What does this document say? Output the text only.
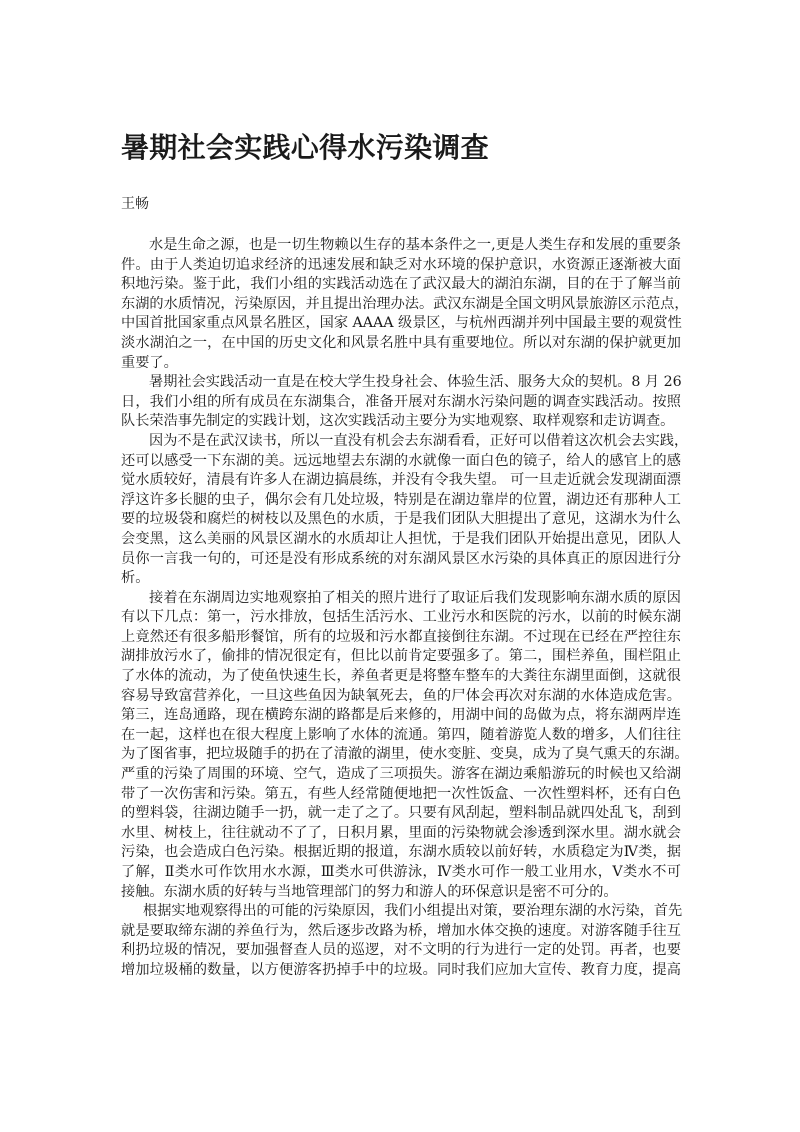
暑期社会实践心得水污染调查
王畅

水是生命之源，也是一切生物赖以生存的基本条件之一,更是人类生存和发展的重要条
件。由于人类迫切追求经济的迅速发展和缺乏对水环境的保护意识，水资源正逐渐被大面
积地污染。鉴于此，我们小组的实践活动选在了武汉最大的湖泊东湖，目的在于了解当前
东湖的水质情况，污染原因，并且提出治理办法。武汉东湖是全国文明风景旅游区示范点，
中国首批国家重点风景名胜区，国家 AAAA 级景区，与杭州西湖并列中国最主要的观赏性
淡水湖泊之一，在中国的历史文化和风景名胜中具有重要地位。所以对东湖的保护就更加
重要了。

暑期社会实践活动一直是在校大学生投身社会、体验生活、服务大众的契机。8 月 26
日，我们小组的所有成员在东湖集合，准备开展对东湖水污染问题的调查实践活动。按照
队长荣浩事先制定的实践计划，这次实践活动主要分为实地观察、取样观察和走访调查。

因为不是在武汉读书，所以一直没有机会去东湖看看，正好可以借着这次机会去实践，
还可以感受一下东湖的美。远远地望去东湖的水就像一面白色的镜子，给人的感官上的感
觉水质较好，清晨有许多人在湖边搞晨练，并没有令我失望。 可一旦走近就会发现湖面漂
浮这许多长腿的虫子，偶尔会有几处垃圾，特别是在湖边靠岸的位置，湖边还有那种人工
要的垃圾袋和腐烂的树枝以及黑色的水质，于是我们团队大胆提出了意见，这湖水为什么
会变黑，这么美丽的风景区湖水的水质却让人担忧，于是我们团队开始提出意见，团队人
员你一言我一句的，可还是没有形成系统的对东湖风景区水污染的具体真正的原因进行分
析。

接着在东湖周边实地观察拍了相关的照片进行了取证后我们发现影响东湖水质的原因
有以下几点：第一，污水排放，包括生活污水、工业污水和医院的污水，以前的时候东湖
上竟然还有很多船形餐馆，所有的垃圾和污水都直接倒往东湖。不过现在已经在严控往东
湖排放污水了，偷排的情况很定有，但比以前肯定要强多了。第二，围栏养鱼，围栏阻止
了水体的流动，为了使鱼快速生长，养鱼者更是将整车整车的大粪往东湖里面倒，这就很
容易导致富营养化，一旦这些鱼因为缺氧死去，鱼的尸体会再次对东湖的水体造成危害。
第三，连岛通路，现在横跨东湖的路都是后来修的，用湖中间的岛做为点，将东湖两岸连
在一起，这样也在很大程度上影响了水体的流通。第四，随着游览人数的增多，人们往往
为了图省事，把垃圾随手的扔在了清澈的湖里，使水变脏、变臭，成为了臭气熏天的东湖。
严重的污染了周围的环境、空气，造成了三项损失。游客在湖边乘船游玩的时候也又给湖
带了一次伤害和污染。第五，有些人经常随便地把一次性饭盒、一次性塑料杯，还有白色
的塑料袋，往湖边随手一扔，就一走了之了。只要有风刮起，塑料制品就四处乱飞，刮到
水里、树枝上，往往就动不了了，日积月累，里面的污染物就会渗透到深水里。湖水就会
污染，也会造成白色污染。根据近期的报道，东湖水质较以前好转，水质稳定为Ⅳ类，据
了解，Ⅱ类水可作饮用水水源，Ⅲ类水可供游泳，Ⅳ类水可作一般工业用水，Ⅴ类水不可
接触。东湖水质的好转与当地管理部门的努力和游人的环保意识是密不可分的。

根据实地观察得出的可能的污染原因，我们小组提出对策，要治理东湖的水污染，首先
就是要取缔东湖的养鱼行为，然后逐步改路为桥，增加水体交换的速度。对游客随手往互
利扔垃圾的情况，要加强督查人员的巡逻，对不文明的行为进行一定的处罚。再者，也要
增加垃圾桶的数量，以方便游客扔掉手中的垃圾。同时我们应加大宣传、教育力度，提高
